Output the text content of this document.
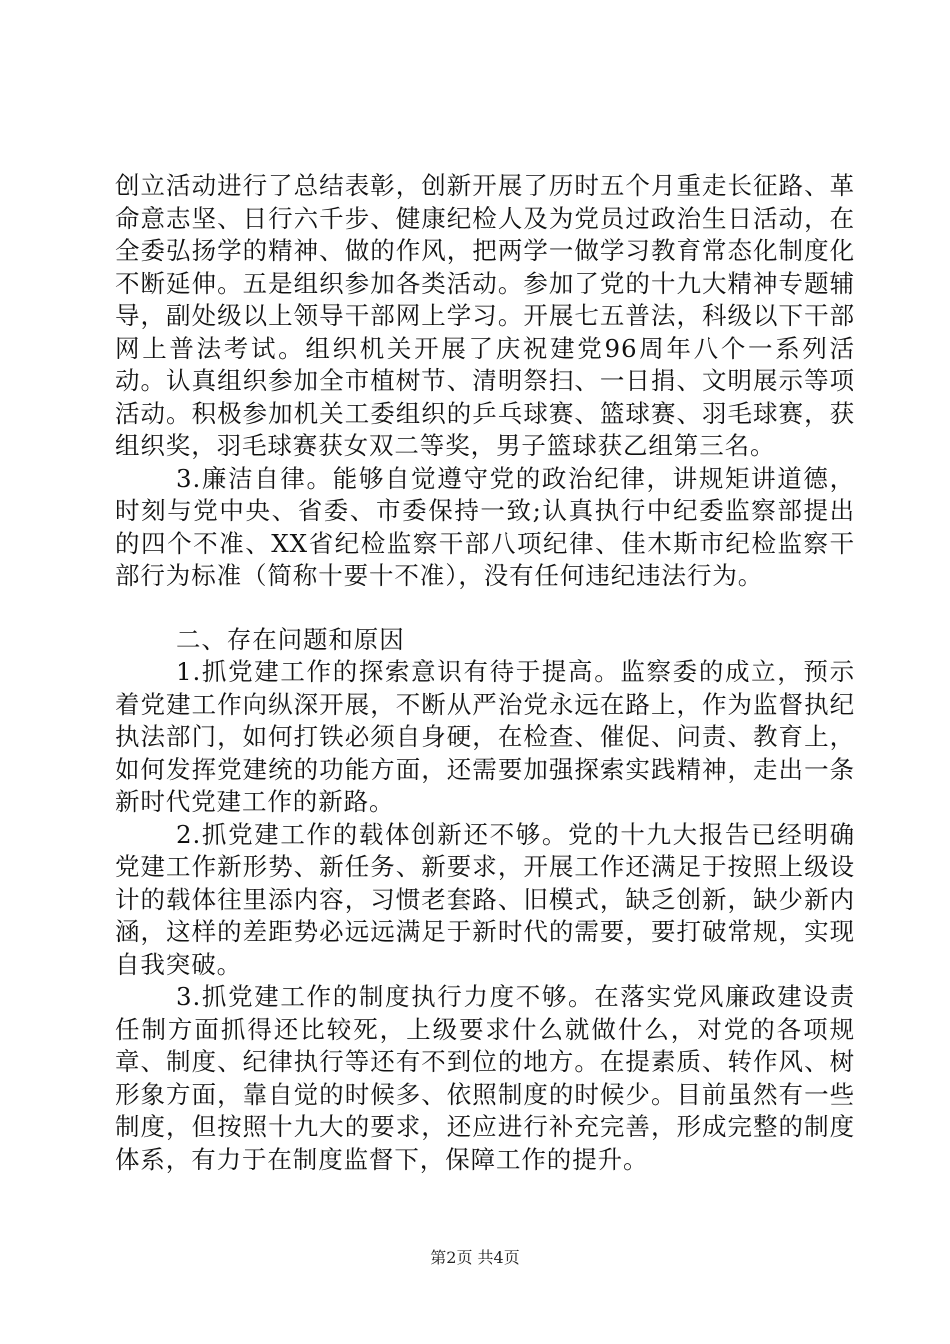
创立活动进行了总结表彰，创新开展了历时五个月重走长征路、革命意志坚、日行六千步、健康纪检人及为党员过政治生日活动，在全委弘扬学的精神、做的作风，把两学一做学习教育常态化制度化不断延伸。五是组织参加各类活动。参加了党的十九大精神专题辅导，副处级以上领导干部网上学习。开展七五普法，科级以下干部网上普法考试。组织机关开展了庆祝建党96周年八个一系列活动。认真组织参加全市植树节、清明祭扫、一日捐、文明展示等项活动。积极参加机关工委组织的乒乓球赛、篮球赛、羽毛球赛，获组织奖，羽毛球赛获女双二等奖，男子篮球获乙组第三名。

3.廉洁自律。能够自觉遵守党的政治纪律，讲规矩讲道德，时刻与党中央、省委、市委保持一致;认真执行中纪委监察部提出的四个不准、XX省纪检监察干部八项纪律、佳木斯市纪检监察干部行为标准（简称十要十不准），没有任何违纪违法行为。

二、存在问题和原因

1.抓党建工作的探索意识有待于提高。监察委的成立，预示着党建工作向纵深开展，不断从严治党永远在路上，作为监督执纪执法部门，如何打铁必须自身硬，在检查、催促、问责、教育上，如何发挥党建统的功能方面，还需要加强探索实践精神，走出一条新时代党建工作的新路。

2.抓党建工作的载体创新还不够。党的十九大报告已经明确党建工作新形势、新任务、新要求，开展工作还满足于按照上级设计的载体往里添内容，习惯老套路、旧模式，缺乏创新，缺少新内涵，这样的差距势必远远满足于新时代的需要，要打破常规，实现自我突破。

3.抓党建工作的制度执行力度不够。在落实党风廉政建设责任制方面抓得还比较死，上级要求什么就做什么，对党的各项规章、制度、纪律执行等还有不到位的地方。在提素质、转作风、树形象方面，靠自觉的时候多、依照制度的时候少。目前虽然有一些制度，但按照十九大的要求，还应进行补充完善，形成完整的制度体系，有力于在制度监督下，保障工作的提升。

第2页 共4页
